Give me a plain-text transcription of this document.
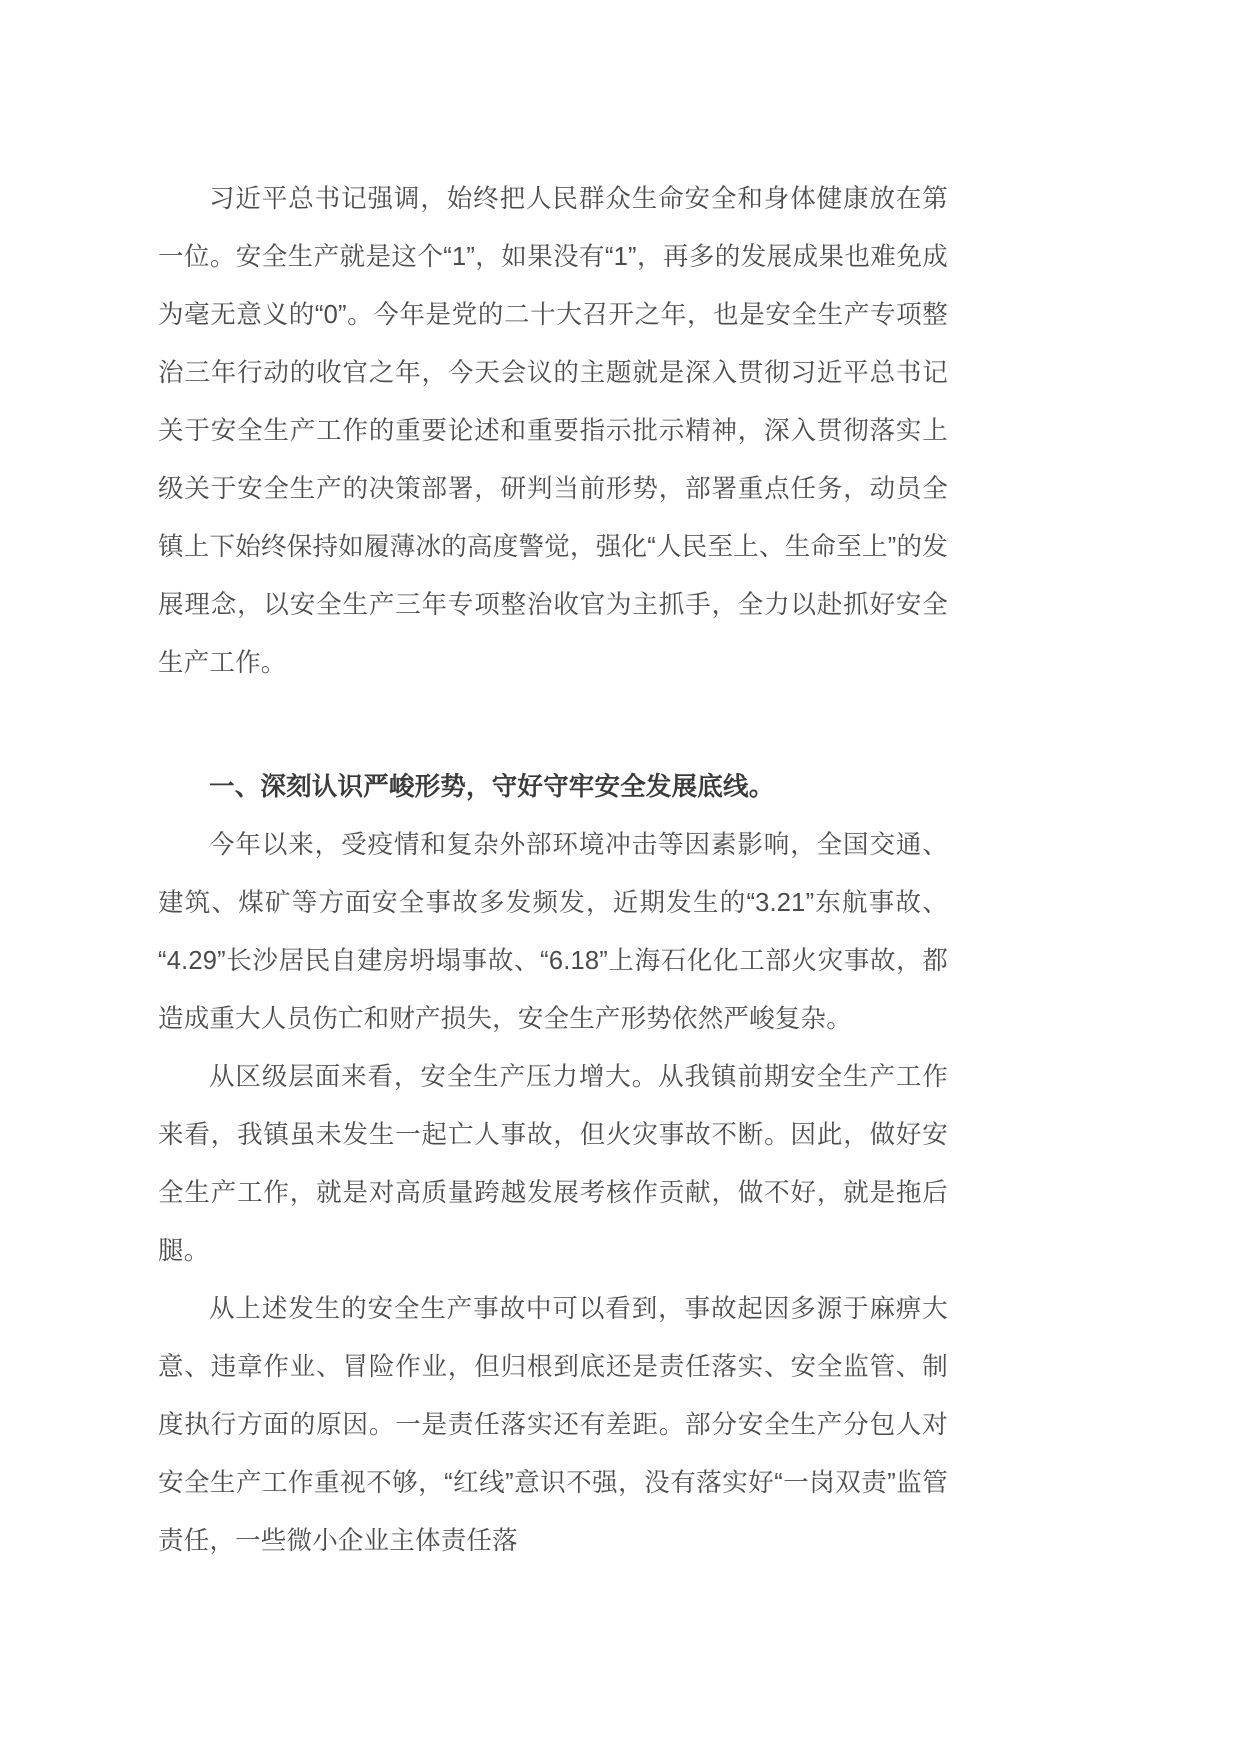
习近平总书记强调，始终把人民群众生命安全和身体健康放在第一位。安全生产就是这个“1”，如果没有“1”，再多的发展成果也难免成为毫无意义的“0”。今年是党的二十大召开之年，也是安全生产专项整治三年行动的收官之年，今天会议的主题就是深入贯彻习近平总书记关于安全生产工作的重要论述和重要指示批示精神，深入贯彻落实上级关于安全生产的决策部署，研判当前形势，部署重点任务，动员全镇上下始终保持如履薄冰的高度警觉，强化“人民至上、生命至上”的发展理念，以安全生产三年专项整治收官为主抓手，全力以赴抓好安全生产工作。

一、深刻认识严峻形势，守好守牢安全发展底线。

今年以来，受疫情和复杂外部环境冲击等因素影响，全国交通、建筑、煤矿等方面安全事故多发频发，近期发生的“3.21”东航事故、“4.29”长沙居民自建房坍塌事故、“6.18”上海石化化工部火灾事故，都造成重大人员伤亡和财产损失，安全生产形势依然严峻复杂。

从区级层面来看，安全生产压力增大。从我镇前期安全生产工作来看，我镇虽未发生一起亡人事故，但火灾事故不断。因此，做好安全生产工作，就是对高质量跨越发展考核作贡献，做不好，就是拖后腿。

从上述发生的安全生产事故中可以看到，事故起因多源于麻痹大意、违章作业、冒险作业，但归根到底还是责任落实、安全监管、制度执行方面的原因。一是责任落实还有差距。部分安全生产分包人对安全生产工作重视不够，“红线”意识不强，没有落实好“一岗双责”监管责任，一些微小企业主体责任落
